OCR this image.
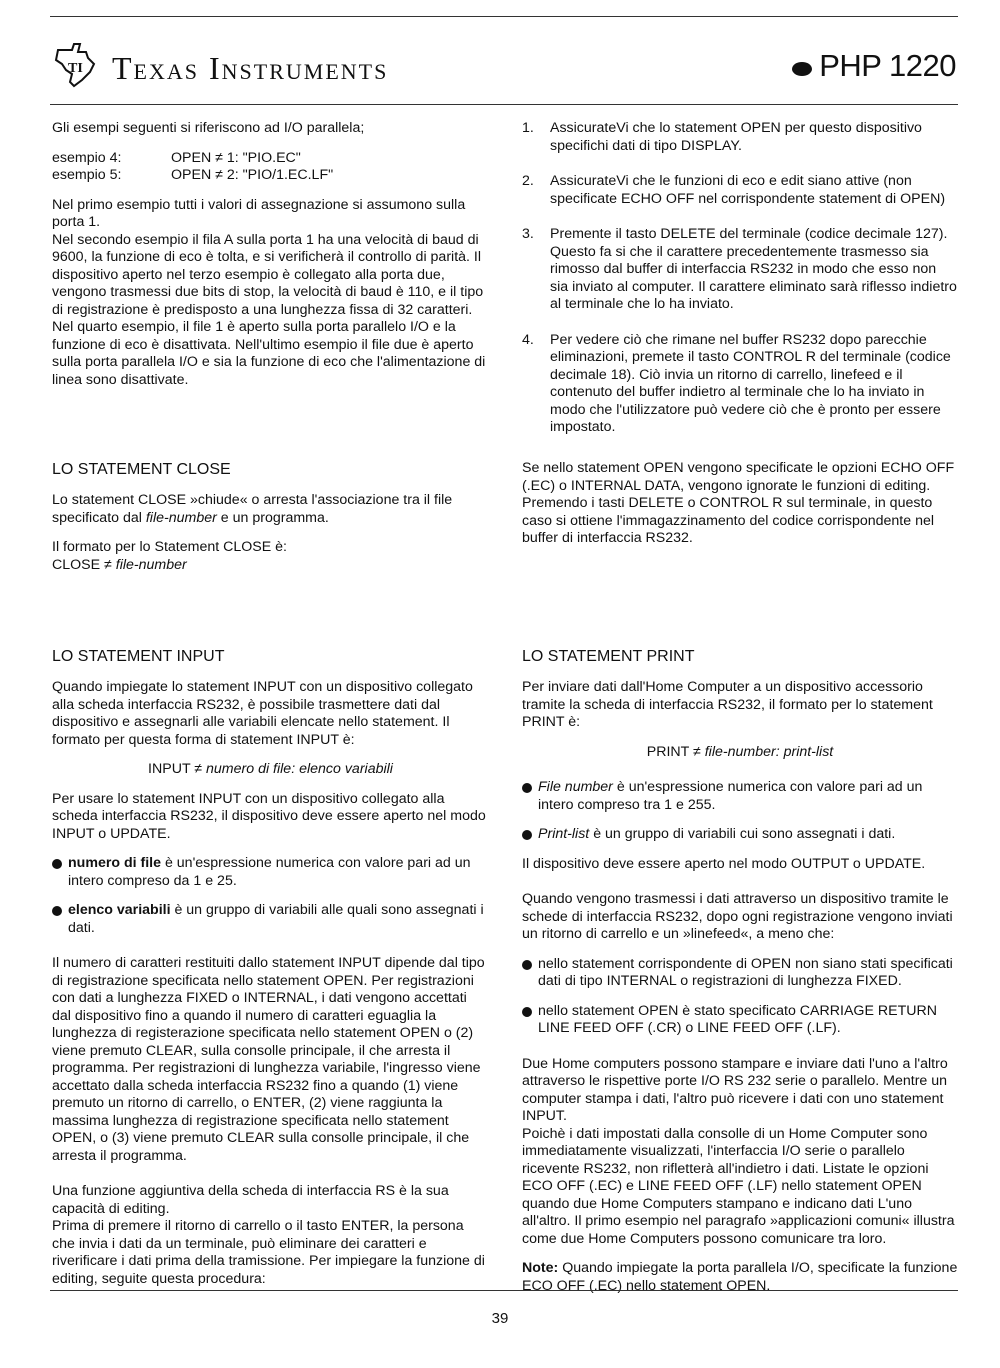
TI Texas Instruments	PHP 1220

Gli esempi seguenti si riferiscono ad I/O parallela;

esempio 4:	OPEN ≠ 1: "PIO.EC"
esempio 5:	OPEN ≠ 2: "PIO/1.EC.LF"

Nel primo esempio tutti i valori di assegnazione si assumono sulla porta 1.

Nel secondo esempio il fila A sulla porta 1 ha una velocità di baud di 9600, la funzione di eco è tolta, e si verificherà il controllo di parità. Il dispositivo aperto nel terzo esempio è collegato alla porta due, vengono trasmessi due bits di stop, la velocità di baud è 110, e il tipo di registrazione è predisposto a una lunghezza fissa di 32 caratteri. Nel quarto esempio, il file 1 è aperto sulla porta parallelo I/O e la funzione di eco è disattivata. Nell'ultimo esempio il file due è aperto sulla porta parallela I/O e sia la funzione di eco che l'alimentazione di linea sono disattivate.

LO STATEMENT CLOSE

Lo statement CLOSE »chiude« o arresta l'associazione tra il file specificato dal file-number e un programma.

Il formato per lo Statement CLOSE è:

CLOSE ≠ file-number

LO STATEMENT INPUT

Quando impiegate lo statement INPUT con un dispositivo collegato alla scheda interfaccia RS232, è possibile trasmettere dati dal dispositivo e assegnarli alle variabili elencate nello statement. Il formato per questa forma di statement INPUT è:

INPUT ≠ numero di file: elenco variabili

Per usare lo statement INPUT con un dispositivo collegato alla scheda interfaccia RS232, il dispositivo deve essere aperto nel modo INPUT o UPDATE.

numero di file è un'espressione numerica con valore pari ad un intero compreso da 1 e 25.
elenco variabili è un gruppo di variabili alle quali sono assegnati i dati.

Il numero di caratteri restituiti dallo statement INPUT dipende dal tipo di registrazione specificata nello statement OPEN. Per registrazioni con dati a lunghezza FIXED o INTERNAL, i dati vengono accettati dal dispositivo fino a quando il numero di caratteri eguaglia la lunghezza di registerazione specificata nello statement OPEN o (2) viene premuto CLEAR, sulla consolle principale, il che arresta il programma. Per registrazioni di lunghezza variabile, l'ingresso viene accettato dalla scheda interfaccia RS232 fino a quando (1) viene premuto un ritorno di carrello, o ENTER, (2) viene raggiunta la massima lunghezza di registrazione specificata nello statement OPEN, o (3) viene premuto CLEAR sulla consolle principale, il che arresta il programma.

Una funzione aggiuntiva della scheda di interfaccia RS è la sua capacità di editing.

Prima di premere il ritorno di carrello o il tasto ENTER, la persona che invia i dati da un terminale, può eliminare dei caratteri e riverificare i dati prima della tramissione. Per impiegare la funzione di editing, seguite questa procedura:

1.	AssicurateVi che lo statement OPEN per questo dispositivo specifichi dati di tipo DISPLAY.
2.	AssicurateVi che le funzioni di eco e edit siano attive (non specificate ECHO OFF nel corrispondente statement di OPEN)
3.	Premente il tasto DELETE del terminale (codice decimale 127). Questo fa si che il carattere precedentemente trasmesso sia rimosso dal buffer di interfaccia RS232 in modo che esso non sia inviato al computer. Il carattere eliminato sarà riflesso indietro al terminale che lo ha inviato.
4.	Per vedere ciò che rimane nel buffer RS232 dopo parecchie eliminazioni, premete il tasto CONTROL R del terminale (codice decimale 18). Ciò invia un ritorno di carrello, linefeed e il contenuto del buffer indietro al terminale che lo ha inviato in modo che l'utilizzatore può vedere ciò che è pronto per essere impostato.

Se nello statement OPEN vengono specificate le opzioni ECHO OFF (.EC) o INTERNAL DATA, vengono ignorate le funzioni di editing. Premendo i tasti DELETE o CONTROL R sul terminale, in questo caso si ottiene l'immagazzinamento del codice corrispondente nel buffer di interfaccia RS232.

LO STATEMENT PRINT

Per inviare dati dall'Home Computer a un dispositivo accessorio tramite la scheda di interfaccia RS232, il formato per lo statement PRINT è:

PRINT ≠ file-number: print-list

File number è un'espressione numerica con valore pari ad un intero compreso tra 1 e 255.
Print-list è un gruppo di variabili cui sono assegnati i dati.

Il dispositivo deve essere aperto nel modo OUTPUT o UPDATE.

Quando vengono trasmessi i dati attraverso un dispositivo tramite le schede di interfaccia RS232, dopo ogni registrazione vengono inviati un ritorno di carrello e un »linefeed«, a meno che:

nello statement corrispondente di OPEN non siano stati specificati dati di tipo INTERNAL o registrazioni di lunghezza FIXED.
nello statement OPEN è stato specificato CARRIAGE RETURN LINE FEED OFF (.CR) o LINE FEED OFF (.LF).

Due Home computers possono stampare e inviare dati l'uno a l'altro attraverso le rispettive porte I/O RS 232 serie o parallelo. Mentre un computer stampa i dati, l'altro può ricevere i dati con uno statement INPUT.

Poichè i dati impostati dalla consolle di un Home Computer sono immediatamente visualizzati, l'interfaccia I/O serie o parallelo ricevente RS232, non rifletterà all'indietro i dati. Listate le opzioni ECO OFF (.EC) e LINE FEED OFF (.LF) nello statement OPEN quando due Home Computers stampano e indicano dati L'uno all'altro. Il primo esempio nel paragrafo »applicazioni comuni« illustra come due Home Computers possono comunicare tra loro.

Note: Quando impiegate la porta parallela I/O, specificate la funzione ECO OFF (.EC) nello statement OPEN.

39
